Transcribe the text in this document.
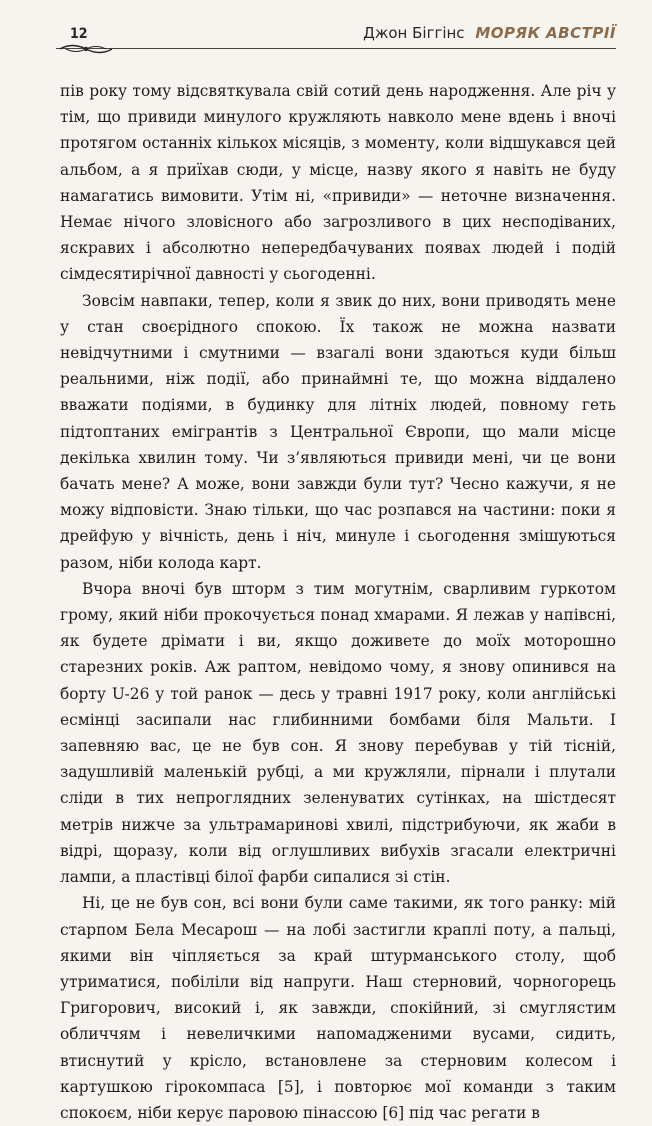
12	Джон Біггінс МОРЯК АВСТРІЇ

пів року тому відсвяткувала свій сотий день народження. Але річ у тім, що привиди минулого кружляють навколо мене вдень і вночі протягом останніх кількох місяців, з моменту, коли відшукався цей альбом, а я приїхав сюди, у місце, назву якого я навіть не буду намагатись вимовити. Утім ні, «привиди» — неточне визначення. Немає нічого зловісного або загрозливого в цих несподіваних, яскравих і абсолютно непередбачуваних появах людей і подій сімдесятирічної давності у сьогоденні.

Зовсім навпаки, тепер, коли я звик до них, вони приводять мене у стан своєрідного спокою. Їх також не можна назвати невідчутними і смутними — взагалі вони здаються куди більш реальними, ніж події, або принаймні те, що можна віддалено вважати подіями, в будинку для літніх людей, повному геть підтоптаних емігрантів з Центральної Європи, що мали місце декілька хвилин тому. Чи з’являються привиди мені, чи це вони бачать мене? А може, вони завжди були тут? Чесно кажучи, я не можу відповісти. Знаю тільки, що час розпався на частини: поки я дрейфую у вічність, день і ніч, минуле і сьогодення змішуються разом, ніби колода карт.

Вчора вночі був шторм з тим могутнім, сварливим гуркотом грому, який ніби прокочується понад хмарами. Я лежав у напівсні, як будете дрімати і ви, якщо доживете до моїх моторошно старезних років. Аж раптом, невідомо чому, я знову опинився на борту U-26 у той ранок — десь у травні 1917 року, коли англійські есмінці засипали нас глибинними бомбами біля Мальти. І запевняю вас, це не був сон. Я знову перебував у тій тісній, задушливій маленькій рубці, а ми кружляли, пірнали і плутали сліди в тих непроглядних зеленуватих сутінках, на шістдесят метрів нижче за ультрамаринові хвилі, підстрибуючи, як жаби в відрі, щоразу, коли від оглушливих вибухів згасали електричні лампи, а пластівці білої фарби сипалися зі стін.

Ні, це не був сон, всі вони були саме такими, як того ранку: мій старпом Бела Месарош — на лобі застигли краплі поту, а пальці, якими він чіпляється за край штурманського столу, щоб утриматися, побіліли від напруги. Наш стерновий, чорногорець Григорович, високий і, як завжди, спокійний, зі смуглястим обличчям і невеличкими напомадженими вусами, сидить, втиснутий у крісло, встановлене за стерновим колесом і картушкою гірокомпаса [5], і повторює мої команди з таким спокоєм, ніби керує паровою пінассою [6] під час регати в
